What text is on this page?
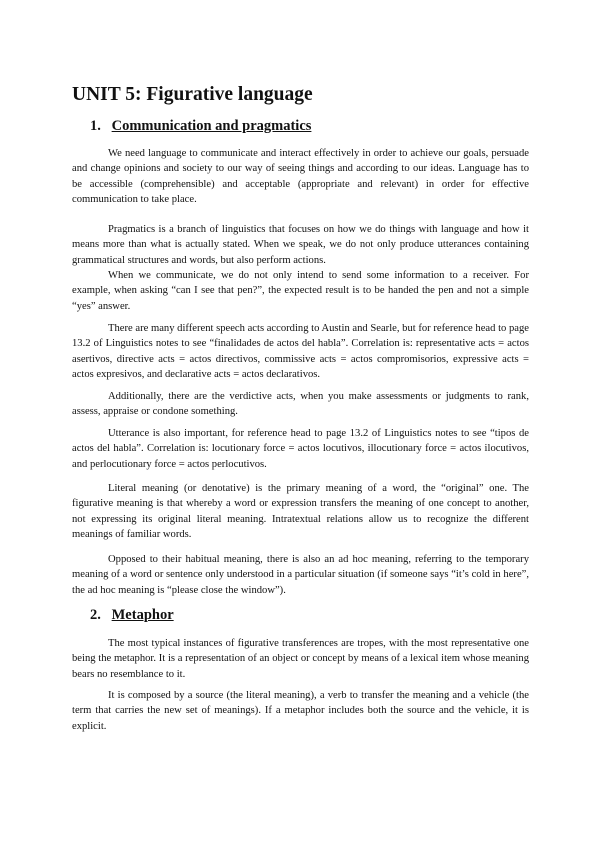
UNIT 5: Figurative language
1. Communication and pragmatics

We need language to communicate and interact effectively in order to achieve our goals, persuade and change opinions and society to our way of seeing things and according to our ideas. Language has to be accessible (comprehensible) and acceptable (appropriate and relevant) in order for effective communication to take place.

Pragmatics is a branch of linguistics that focuses on how we do things with language and how it means more than what is actually stated. When we speak, we do not only produce utterances containing grammatical structures and words, but also perform actions.

When we communicate, we do not only intend to send some information to a receiver. For example, when asking “can I see that pen?”, the expected result is to be handed the pen and not a simple “yes” answer.

There are many different speech acts according to Austin and Searle, but for reference head to page 13.2 of Linguistics notes to see “finalidades de actos del habla”. Correlation is: representative acts = actos asertivos, directive acts = actos directivos, commissive acts = actos compromisorios, expressive acts = actos expresivos, and declarative acts = actos declarativos.

Additionally, there are the verdictive acts, when you make assessments or judgments to rank, assess, appraise or condone something.

Utterance is also important, for reference head to page 13.2 of Linguistics notes to see “tipos de actos del habla”. Correlation is: locutionary force = actos locutivos, illocutionary force = actos ilocutivos, and perlocutionary force = actos perlocutivos.

Literal meaning (or denotative) is the primary meaning of a word, the “original” one. The figurative meaning is that whereby a word or expression transfers the meaning of one concept to another, not expressing its original literal meaning. Intratextual relations allow us to recognize the different meanings of familiar words.

Opposed to their habitual meaning, there is also an ad hoc meaning, referring to the temporary meaning of a word or sentence only understood in a particular situation (if someone says “it’s cold in here”, the ad hoc meaning is “please close the window”).

2. Metaphor

The most typical instances of figurative transferences are tropes, with the most representative one being the metaphor. It is a representation of an object or concept by means of a lexical item whose meaning bears no resemblance to it.

It is composed by a source (the literal meaning), a verb to transfer the meaning and a vehicle (the term that carries the new set of meanings). If a metaphor includes both the source and the vehicle, it is explicit.
